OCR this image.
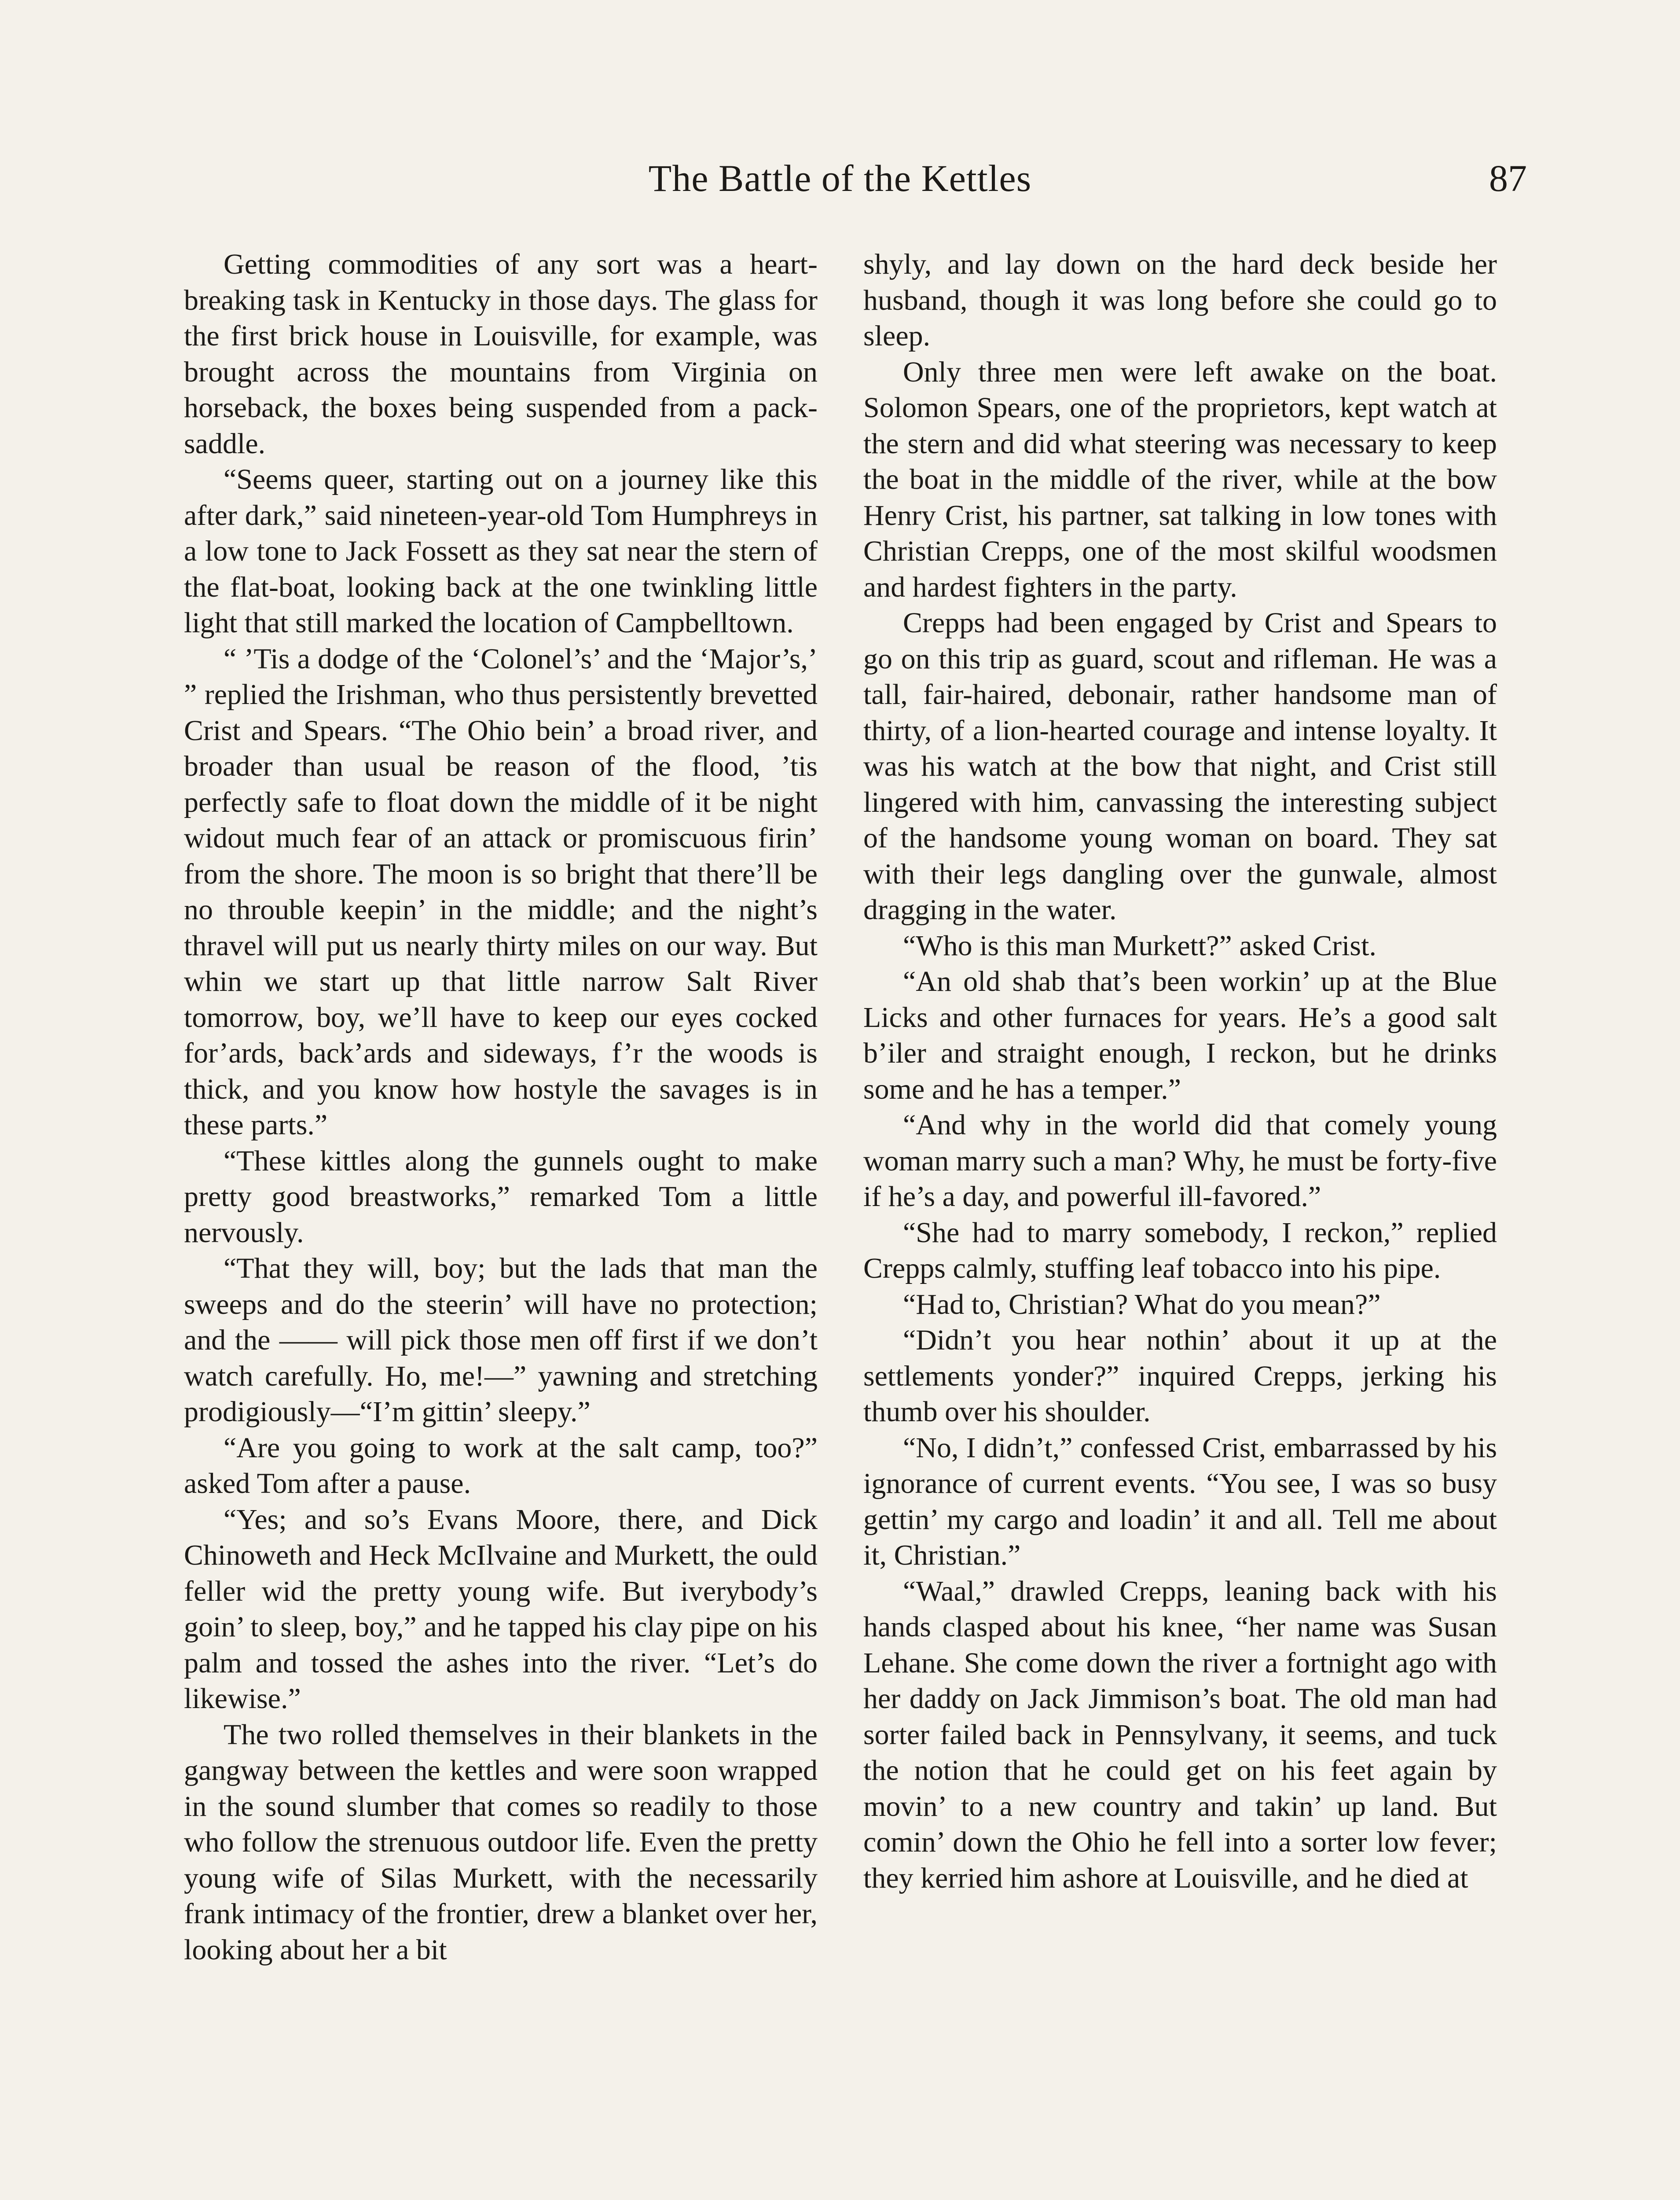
The Battle of the Kettles	87

Getting commodities of any sort was a heart-breaking task in Kentucky in those days. The glass for the first brick house in Louisville, for example, was brought across the mountains from Virginia on horseback, the boxes being suspended from a pack-saddle.

“Seems queer, starting out on a journey like this after dark,” said nineteen-year-old Tom Humphreys in a low tone to Jack Fossett as they sat near the stern of the flat-boat, looking back at the one twinkling little light that still marked the location of Campbelltown.

“ ’Tis a dodge of the ‘Colonel’s’ and the ‘Major’s,’ ” replied the Irishman, who thus persistently brevetted Crist and Spears. “The Ohio bein’ a broad river, and broader than usual be reason of the flood, ’tis perfectly safe to float down the middle of it be night widout much fear of an attack or promiscuous firin’ from the shore. The moon is so bright that there’ll be no throuble keepin’ in the middle; and the night’s thravel will put us nearly thirty miles on our way. But whin we start up that little narrow Salt River tomorrow, boy, we’ll have to keep our eyes cocked for’ards, back’ards and sideways, f’r the woods is thick, and you know how hostyle the savages is in these parts.”

“These kittles along the gunnels ought to make pretty good breastworks,” remarked Tom a little nervously.

“That they will, boy; but the lads that man the sweeps and do the steerin’ will have no protection; and the —— will pick those men off first if we don’t watch carefully. Ho, me!—” yawning and stretching prodigiously—“I’m gittin’ sleepy.”

“Are you going to work at the salt camp, too?” asked Tom after a pause.

“Yes; and so’s Evans Moore, there, and Dick Chinoweth and Heck McIlvaine and Murkett, the ould feller wid the pretty young wife. But iverybody’s goin’ to sleep, boy,” and he tapped his clay pipe on his palm and tossed the ashes into the river. “Let’s do likewise.”

The two rolled themselves in their blankets in the gangway between the kettles and were soon wrapped in the sound slumber that comes so readily to those who follow the strenuous outdoor life. Even the pretty young wife of Silas Murkett, with the necessarily frank intimacy of the frontier, drew a blanket over her, looking about her a bit

shyly, and lay down on the hard deck beside her husband, though it was long before she could go to sleep.

Only three men were left awake on the boat. Solomon Spears, one of the proprietors, kept watch at the stern and did what steering was necessary to keep the boat in the middle of the river, while at the bow Henry Crist, his partner, sat talking in low tones with Christian Crepps, one of the most skilful woodsmen and hardest fighters in the party.

Crepps had been engaged by Crist and Spears to go on this trip as guard, scout and rifleman. He was a tall, fair-haired, debonair, rather handsome man of thirty, of a lion-hearted courage and intense loyalty. It was his watch at the bow that night, and Crist still lingered with him, canvassing the interesting subject of the handsome young woman on board. They sat with their legs dangling over the gunwale, almost dragging in the water.

“Who is this man Murkett?” asked Crist.

“An old shab that’s been workin’ up at the Blue Licks and other furnaces for years. He’s a good salt b’iler and straight enough, I reckon, but he drinks some and he has a temper.”

“And why in the world did that comely young woman marry such a man? Why, he must be forty-five if he’s a day, and powerful ill-favored.”

“She had to marry somebody, I reckon,” replied Crepps calmly, stuffing leaf tobacco into his pipe.

“Had to, Christian? What do you mean?”

“Didn’t you hear nothin’ about it up at the settlements yonder?” inquired Crepps, jerking his thumb over his shoulder.

“No, I didn’t,” confessed Crist, embarrassed by his ignorance of current events. “You see, I was so busy gettin’ my cargo and loadin’ it and all. Tell me about it, Christian.”

“Waal,” drawled Crepps, leaning back with his hands clasped about his knee, “her name was Susan Lehane. She come down the river a fortnight ago with her daddy on Jack Jimmison’s boat. The old man had sorter failed back in Pennsylvany, it seems, and tuck the notion that he could get on his feet again by movin’ to a new country and takin’ up land. But comin’ down the Ohio he fell into a sorter low fever; they kerried him ashore at Louisville, and he died at
